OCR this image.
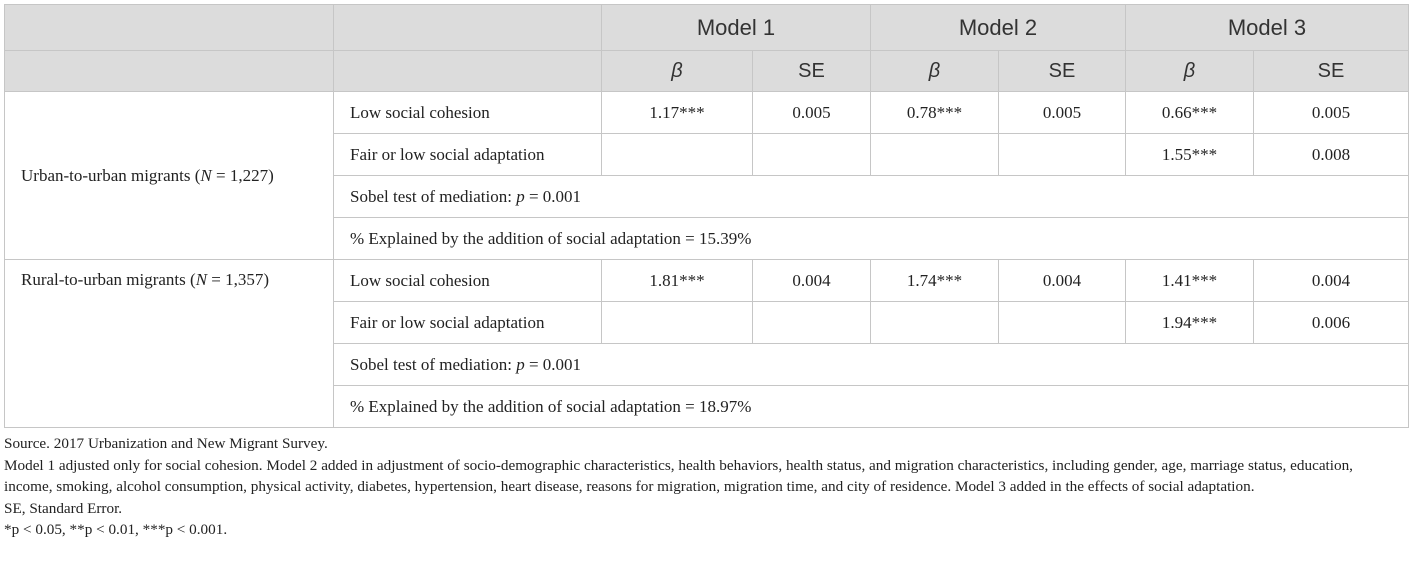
		Model 1		Model 2		Model 3	
		β	SE	β	SE	β	SE
Urban-to-urban migrants (N = 1,227)	Low social cohesion	1.17***	0.005	0.78***	0.005	0.66***	0.005
	Fair or low social adaptation					1.55***	0.008
	Sobel test of mediation: p = 0.001						
	% Explained by the addition of social adaptation = 15.39%						
Rural-to-urban migrants (N = 1,357)	Low social cohesion	1.81***	0.004	1.74***	0.004	1.41***	0.004
	Fair or low social adaptation					1.94***	0.006
	Sobel test of mediation: p = 0.001						
	% Explained by the addition of social adaptation = 18.97%						

Source. 2017 Urbanization and New Migrant Survey.

Model 1 adjusted only for social cohesion. Model 2 added in adjustment of socio-demographic characteristics, health behaviors, health status, and migration characteristics, including gender, age, marriage status, education, income, smoking, alcohol consumption, physical activity, diabetes, hypertension, heart disease, reasons for migration, migration time, and city of residence. Model 3 added in the effects of social adaptation.

SE, Standard Error.

*p < 0.05, **p < 0.01, ***p < 0.001.
